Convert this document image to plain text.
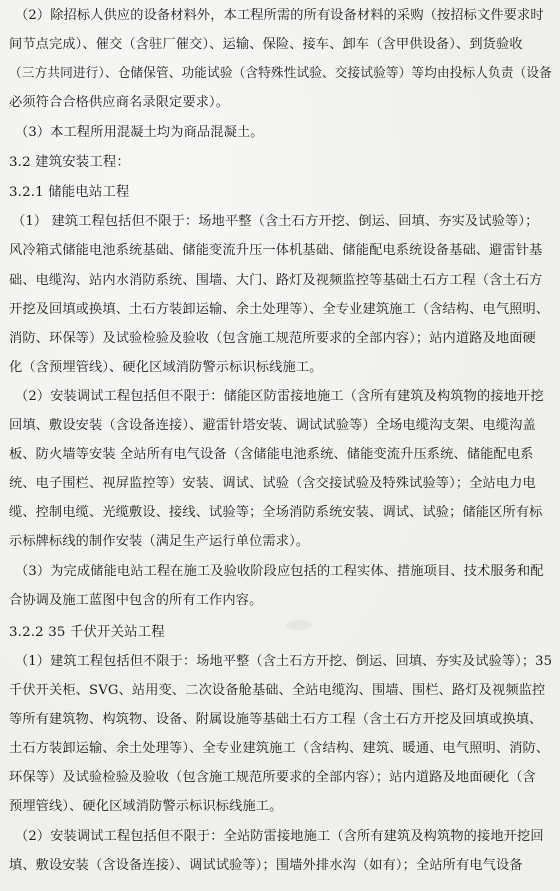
（2）除招标人供应的设备材料外，本工程所需的所有设备材料的采购（按招标文件要求时
间节点完成）、催交（含驻厂催交）、运输、保险、接车、卸车（含甲供设备）、到货验收
（三方共同进行）、仓储保管、功能试验（含特殊性试验、交接试验等）等均由投标人负责（设备
必须符合合格供应商名录限定要求）。
（3）本工程所用混凝土均为商品混凝土。
3.2 建筑安装工程：
3.2.1 储能电站工程
（1） 建筑工程包括但不限于：场地平整（含土石方开挖、倒运、回填、夯实及试验等）；
风冷箱式储能电池系统基础、储能变流升压一体机基础、储能配电系统设备基础、避雷针基
础、电缆沟、站内水消防系统、围墙、大门、路灯及视频监控等基础土石方工程（含土石方
开挖及回填或换填、土石方装卸运输、余土处理等）、全专业建筑施工（含结构、电气照明、
消防、环保等）及试验检验及验收（包含施工规范所要求的全部内容）；站内道路及地面硬
化（含预埋管线）、硬化区域消防警示标识标线施工。
（2）安装调试工程包括但不限于：储能区防雷接地施工（含所有建筑及构筑物的接地开挖
回填、敷设安装（含设备连接）、避雷针塔安装、调试试验等）全场电缆沟支架、电缆沟盖
板、防火墙等安装 全站所有电气设备（含储能电池系统、储能变流升压系统、储能配电系
统、电子围栏、视屏监控等）安装、调试、试验（含交接试验及特殊试验等）；全站电力电
缆、控制电缆、光缆敷设、接线、试验等；全场消防系统安装、调试、试验；储能区所有标
示标牌标线的制作安装（满足生产运行单位需求）。
（3）为完成储能电站工程在施工及验收阶段应包括的工程实体、措施项目、技术服务和配
合协调及施工蓝图中包含的所有工作内容。
3.2.2 35 千伏开关站工程
（1）建筑工程包括但不限于：场地平整（含土石方开挖、倒运、回填、夯实及试验等）；35
千伏开关柜、SVG、站用变、二次设备舱基础、全站电缆沟、围墙、围栏、路灯及视频监控
等所有建筑物、构筑物、设备、附属设施等基础土石方工程（含土石方开挖及回填或换填、
土石方装卸运输、余土处理等）、全专业建筑施工（含结构、建筑、暖通、电气照明、消防、
环保等）及试验检验及验收（包含施工规范所要求的全部内容）；站内道路及地面硬化（含
预埋管线）、硬化区域消防警示标识标线施工。
（2）安装调试工程包括但不限于：全站防雷接地施工（含所有建筑及构筑物的接地开挖回
填、敷设安装（含设备连接）、调试试验等）；围墙外排水沟（如有）；全站所有电气设备
